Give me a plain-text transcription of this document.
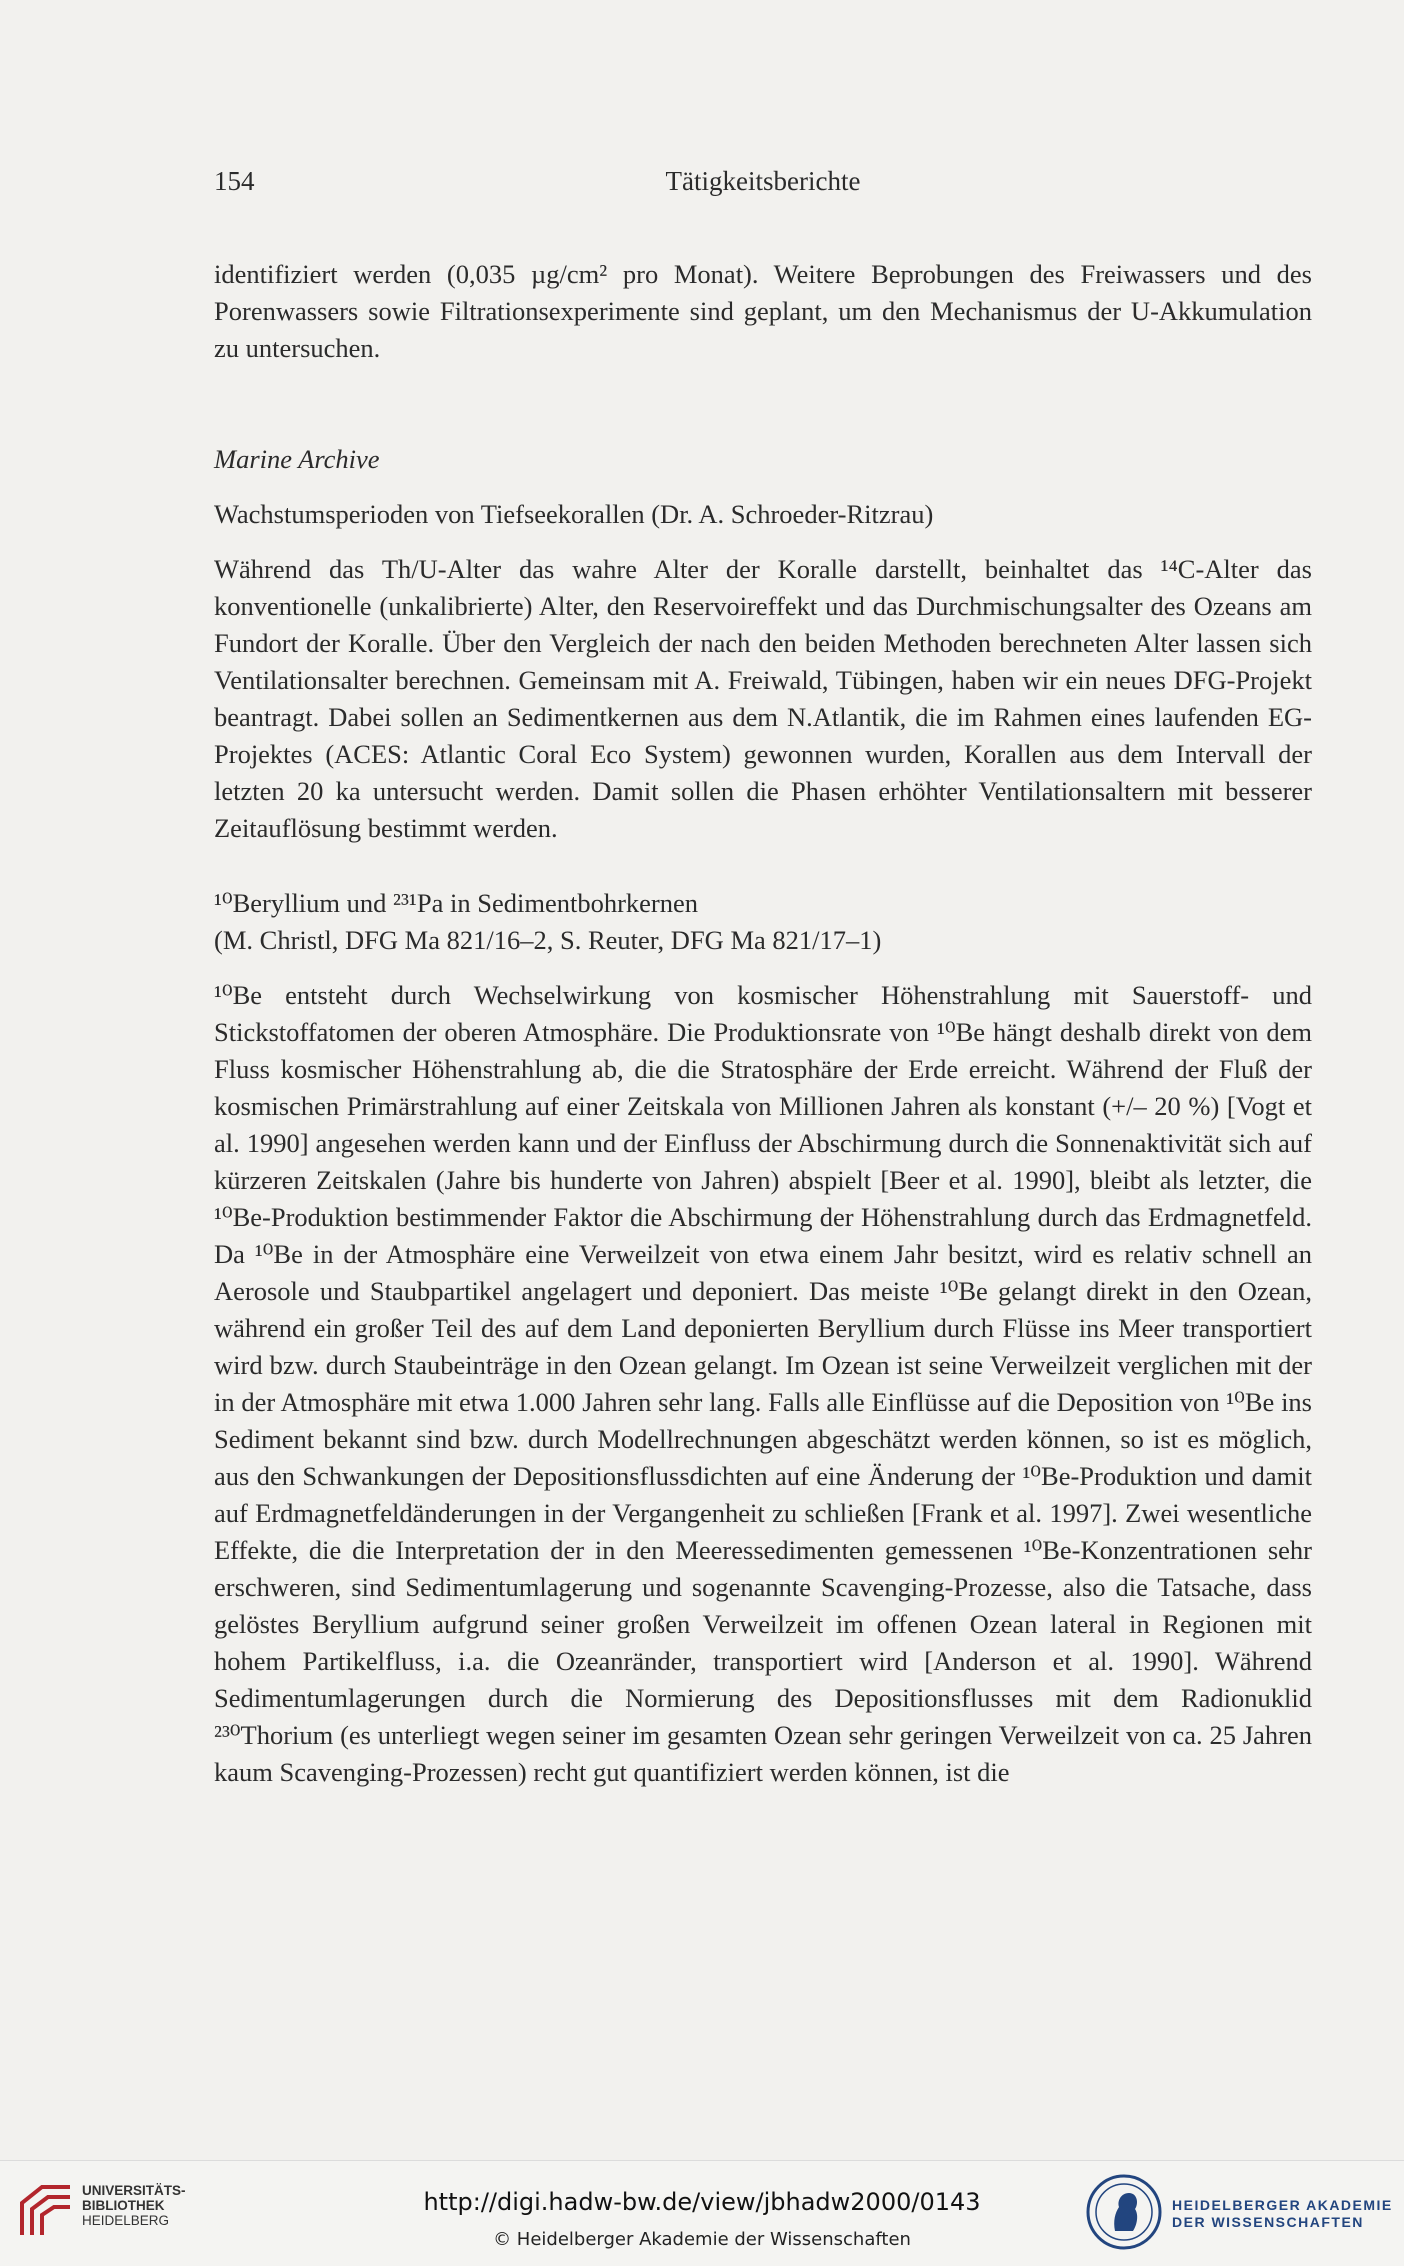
154	Tätigkeitsberichte

identifiziert werden (0,035 µg/cm² pro Monat). Weitere Beprobungen des Freiwassers und des Porenwassers sowie Filtrationsexperimente sind geplant, um den Mechanismus der U-Akkumulation zu untersuchen.

Marine Archive

Wachstumsperioden von Tiefseekorallen (Dr. A. Schroeder-Ritzrau)

Während das Th/U-Alter das wahre Alter der Koralle darstellt, beinhaltet das ¹⁴C-Alter das konventionelle (unkalibrierte) Alter, den Reservoireffekt und das Durchmischungsalter des Ozeans am Fundort der Koralle. Über den Vergleich der nach den beiden Methoden berechneten Alter lassen sich Ventilationsalter berechnen. Gemeinsam mit A. Freiwald, Tübingen, haben wir ein neues DFG-Projekt beantragt. Dabei sollen an Sedimentkernen aus dem N.Atlantik, die im Rahmen eines laufenden EG-Projektes (ACES: Atlantic Coral Eco System) gewonnen wurden, Korallen aus dem Intervall der letzten 20 ka untersucht werden. Damit sollen die Phasen erhöhter Ventilationsaltern mit besserer Zeitauflösung bestimmt werden.

¹⁰Beryllium und ²³¹Pa in Sedimentbohrkernen

(M. Christl, DFG Ma 821/16–2, S. Reuter, DFG Ma 821/17–1)

¹⁰Be entsteht durch Wechselwirkung von kosmischer Höhenstrahlung mit Sauerstoff- und Stickstoffatomen der oberen Atmosphäre. Die Produktionsrate von ¹⁰Be hängt deshalb direkt von dem Fluss kosmischer Höhenstrahlung ab, die die Stratosphäre der Erde erreicht. Während der Fluß der kosmischen Primärstrahlung auf einer Zeitskala von Millionen Jahren als konstant (+/– 20 %) [Vogt et al. 1990] angesehen werden kann und der Einfluss der Abschirmung durch die Sonnenaktivität sich auf kürzeren Zeitskalen (Jahre bis hunderte von Jahren) abspielt [Beer et al. 1990], bleibt als letzter, die ¹⁰Be-Produktion bestimmender Faktor die Abschirmung der Höhenstrahlung durch das Erdmagnetfeld. Da ¹⁰Be in der Atmosphäre eine Verweilzeit von etwa einem Jahr besitzt, wird es relativ schnell an Aerosole und Staubpartikel angelagert und deponiert. Das meiste ¹⁰Be gelangt direkt in den Ozean, während ein großer Teil des auf dem Land deponierten Beryllium durch Flüsse ins Meer transportiert wird bzw. durch Staubeinträge in den Ozean gelangt. Im Ozean ist seine Verweilzeit verglichen mit der in der Atmosphäre mit etwa 1.000 Jahren sehr lang. Falls alle Einflüsse auf die Deposition von ¹⁰Be ins Sediment bekannt sind bzw. durch Modellrechnungen abgeschätzt werden können, so ist es möglich, aus den Schwankungen der Depositionsflussdichten auf eine Änderung der ¹⁰Be-Produktion und damit auf Erdmagnetfeldänderungen in der Vergangenheit zu schließen [Frank et al. 1997]. Zwei wesentliche Effekte, die die Interpretation der in den Meeressedimenten gemessenen ¹⁰Be-Konzentrationen sehr erschweren, sind Sedimentumlagerung und sogenannte Scavenging-Prozesse, also die Tatsache, dass gelöstes Beryllium aufgrund seiner großen Verweilzeit im offenen Ozean lateral in Regionen mit hohem Partikelfluss, i.a. die Ozeanränder, transportiert wird [Anderson et al. 1990]. Während Sedimentumlagerungen durch die Normierung des Depositionsflusses mit dem Radionuklid ²³⁰Thorium (es unterliegt wegen seiner im gesamten Ozean sehr geringen Verweilzeit von ca. 25 Jahren kaum Scavenging-Prozessen) recht gut quantifiziert werden können, ist die

UNIVERSITÄTS-
BIBLIOTHEK
HEIDELBERG
http://digi.hadw-bw.de/view/jbhadw2000/0143
© Heidelberger Akademie der Wissenschaften
HEIDELBERGER AKADEMIE
DER WISSENSCHAFTEN
